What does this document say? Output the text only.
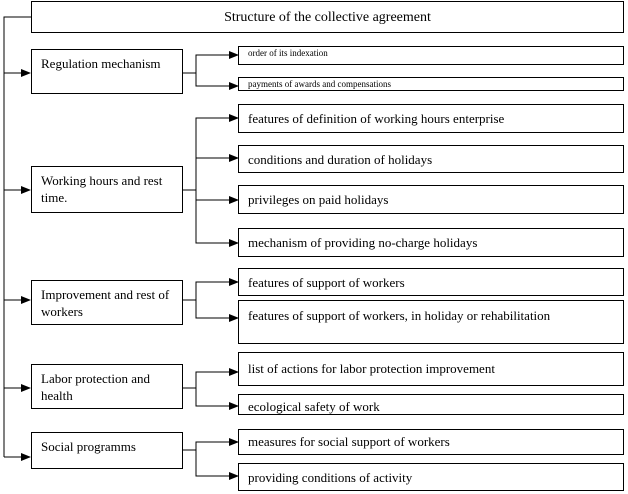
Structure of the collective agreement
Regulation mechanism
Working hours and rest time.
Improvement and rest of workers
Labor protection and health
Social programms
order of its indexation
payments of awards and compensations
features of definition of working hours enterprise
conditions and duration of holidays
privileges on paid holidays
mechanism of providing no-charge holidays
features of support of workers
features of support of workers, in holiday or rehabilitation
list of actions for labor protection improvement
ecological safety of work
measures for social support of workers
providing conditions of activity
